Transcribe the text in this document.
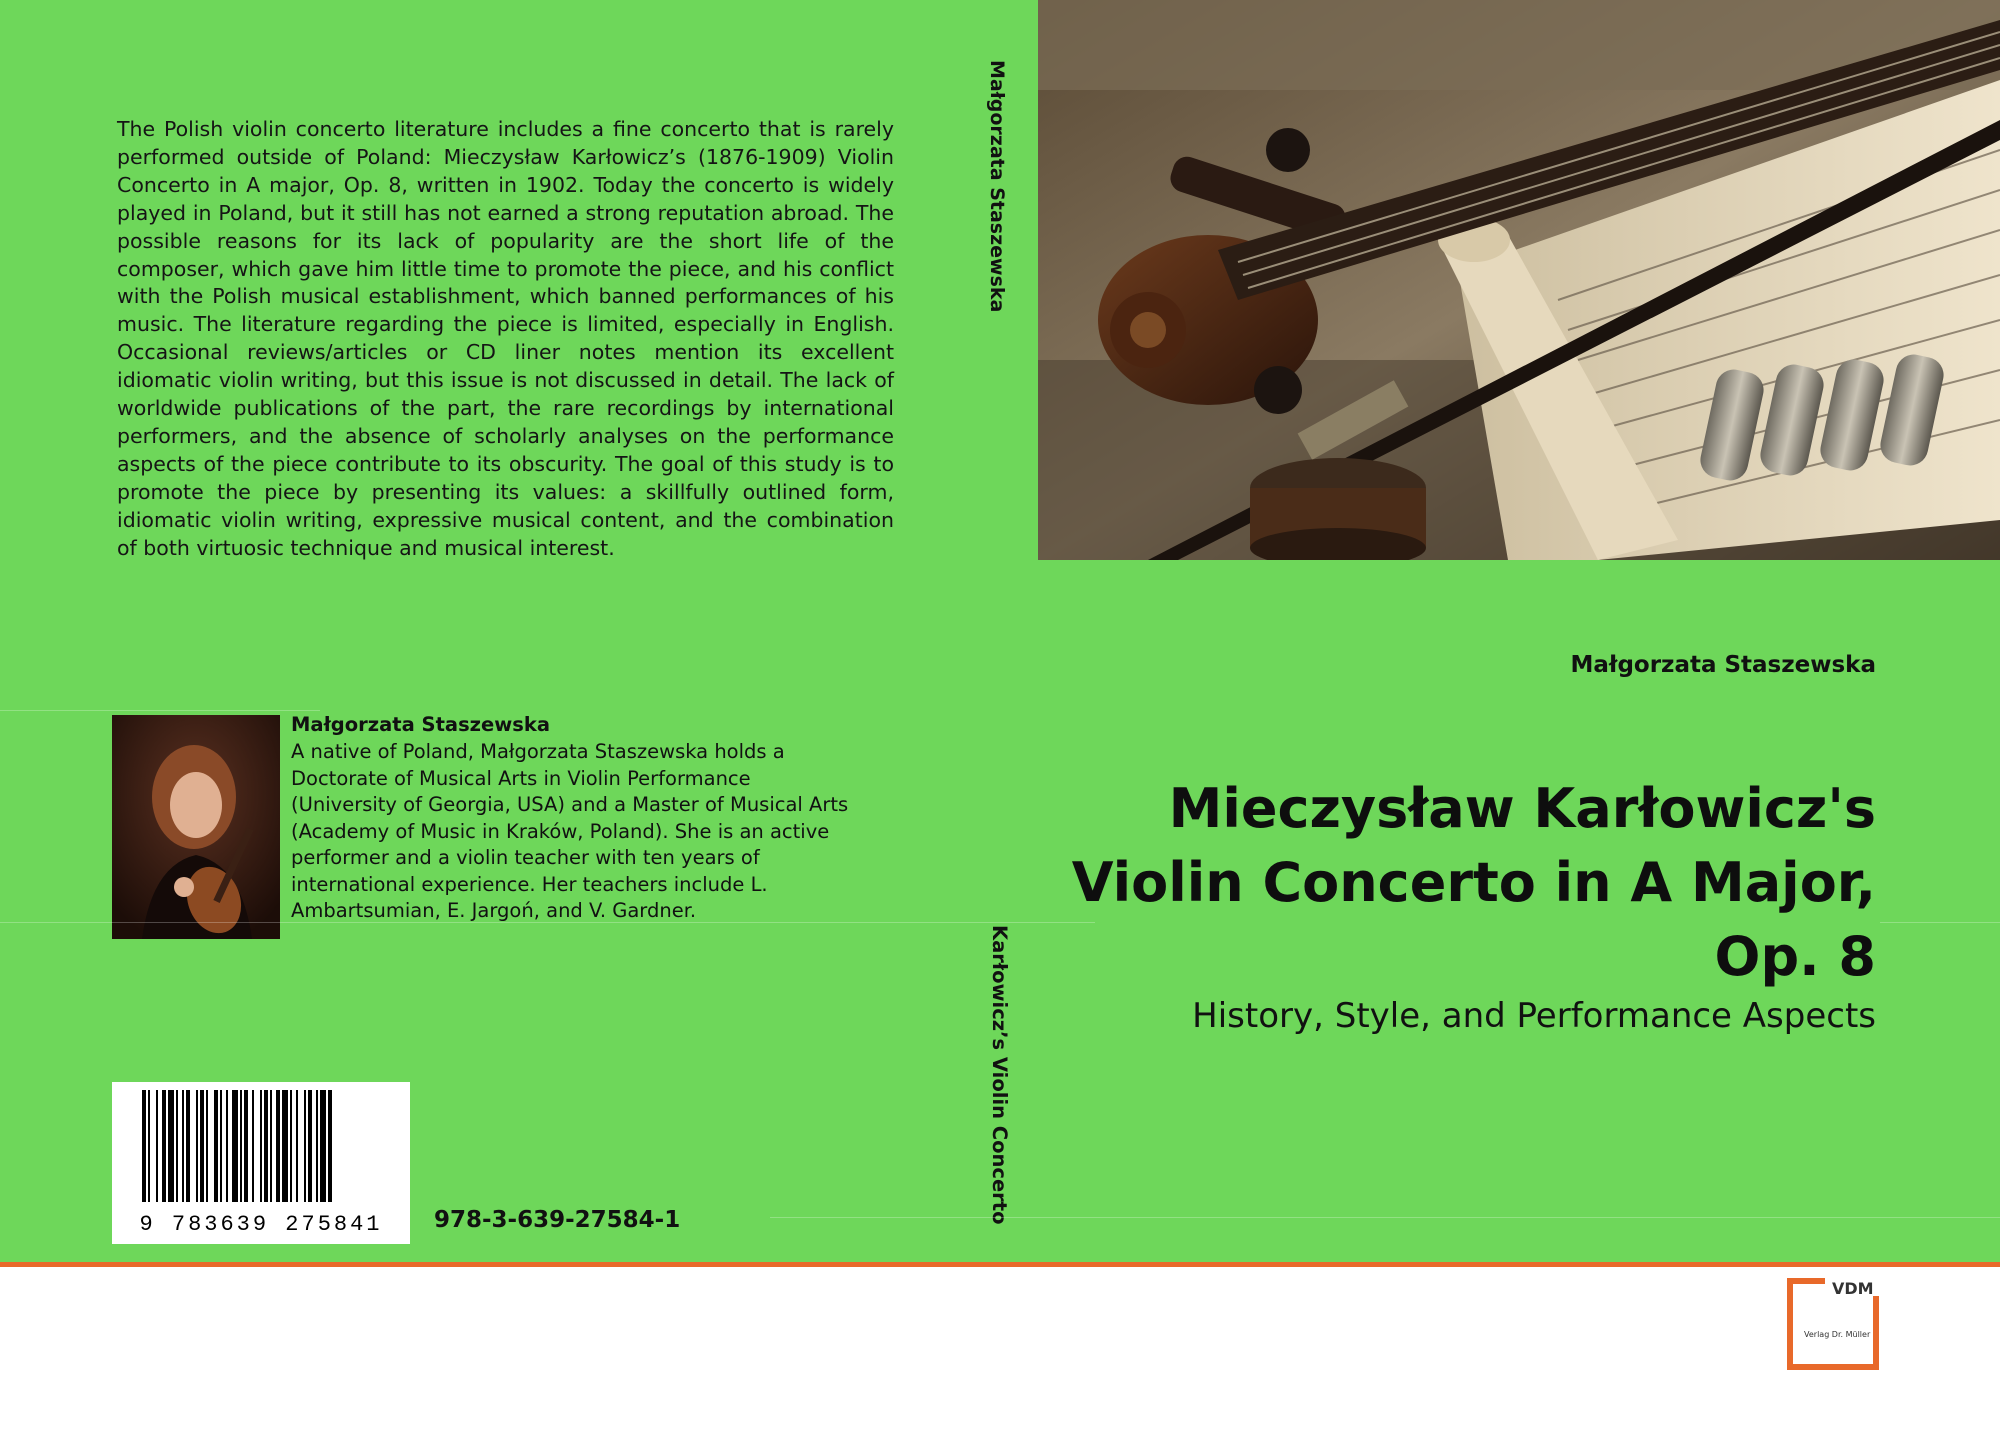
The Polish violin concerto literature includes a fine concerto that is rarely performed outside of Poland: Mieczysław Karłowicz’s (1876-1909) Violin Concerto in A major, Op. 8, written in 1902. Today the concerto is widely played in Poland, but it still has not earned a strong reputation abroad. The possible reasons for its lack of popularity are the short life of the composer, which gave him little time to promote the piece, and his conflict with the Polish musical establishment, which banned performances of his music. The literature regarding the piece is limited, especially in English. Occasional reviews/articles or CD liner notes mention its excellent idiomatic violin writing, but this issue is not discussed in detail. The lack of worldwide publications of the part, the rare recordings by international performers, and the absence of scholarly analyses on the performance aspects of the piece contribute to its obscurity. The goal of this study is to promote the piece by presenting its values: a skillfully outlined form, idiomatic violin writing, expressive musical content, and the combination of both virtuosic technique and musical interest.

Małgorzata Staszewska
Karłowicz’s Violin Concerto
Małgorzata Staszewska
Mieczysław Karłowicz's Violin Concerto in A Major, Op. 8
History, Style, and Performance Aspects
Małgorzata Staszewska

A native of Poland, Małgorzata Staszewska holds a Doctorate of Musical Arts in Violin Performance (University of Georgia, USA) and a Master of Musical Arts (Academy of Music in Kraków, Poland). She is an active performer and a violin teacher with ten years of international experience. Her teachers include L. Ambartsumian, E. Jargoń, and V. Gardner.

9 783639 275841 978-3-639-27584-1
VDM
Verlag Dr. Müller
